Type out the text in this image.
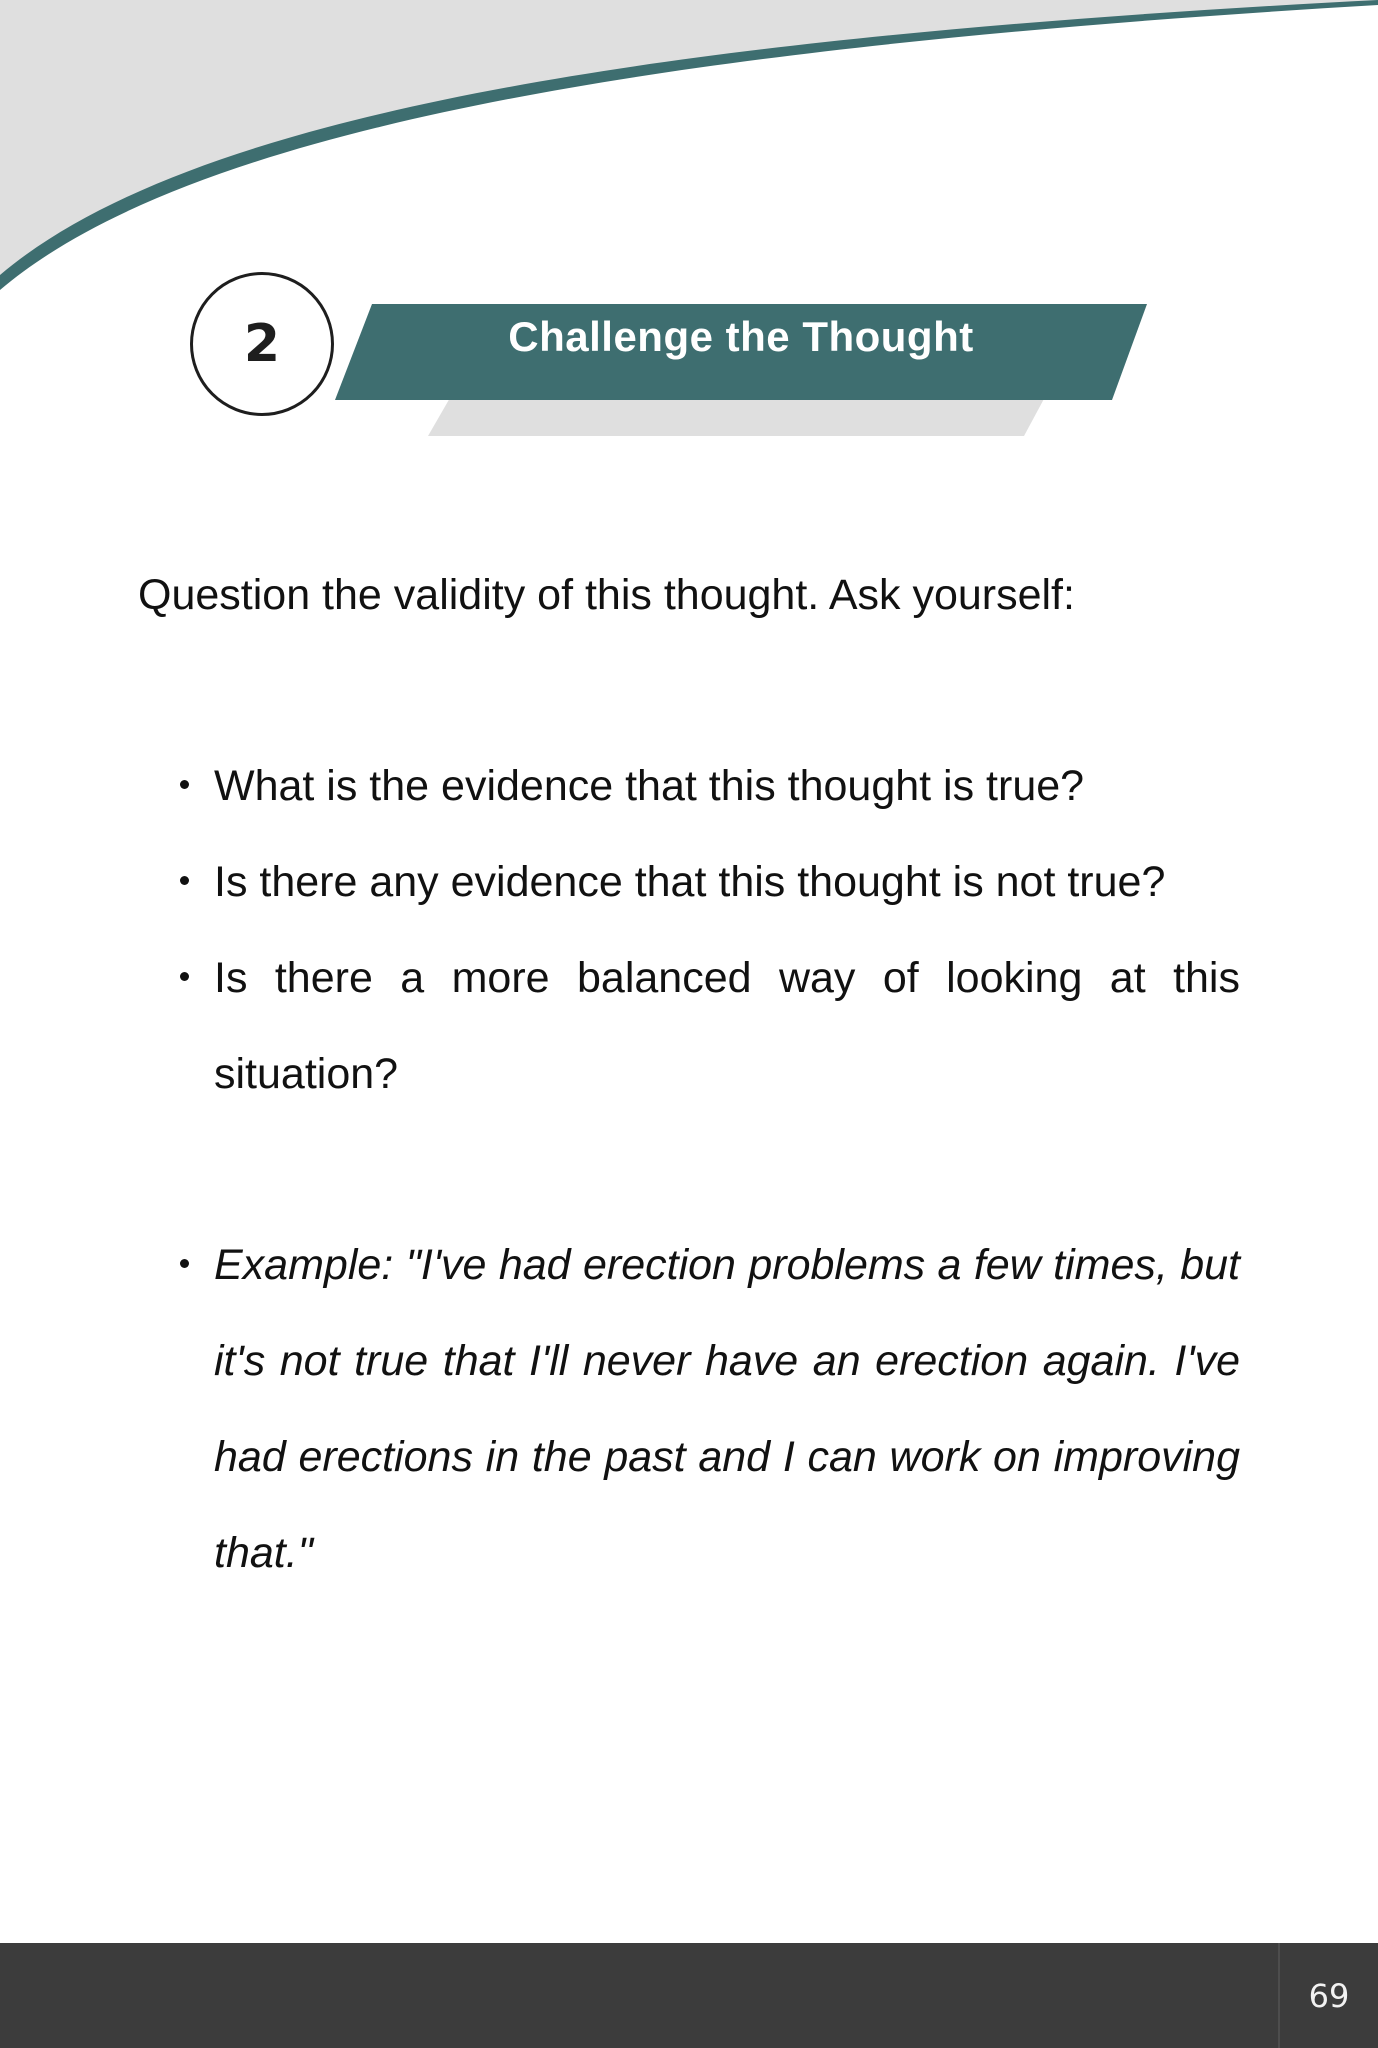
2	Challenge the Thought

Question the validity of this thought. Ask yourself:

What is the evidence that this thought is true?
Is there any evidence that this thought is not true?
Is there a more balanced way of looking at this situation?
Example: "I've had erection problems a few times, but it's not true that I'll never have an erection again. I've had erections in the past and I can work on improving that."
69
